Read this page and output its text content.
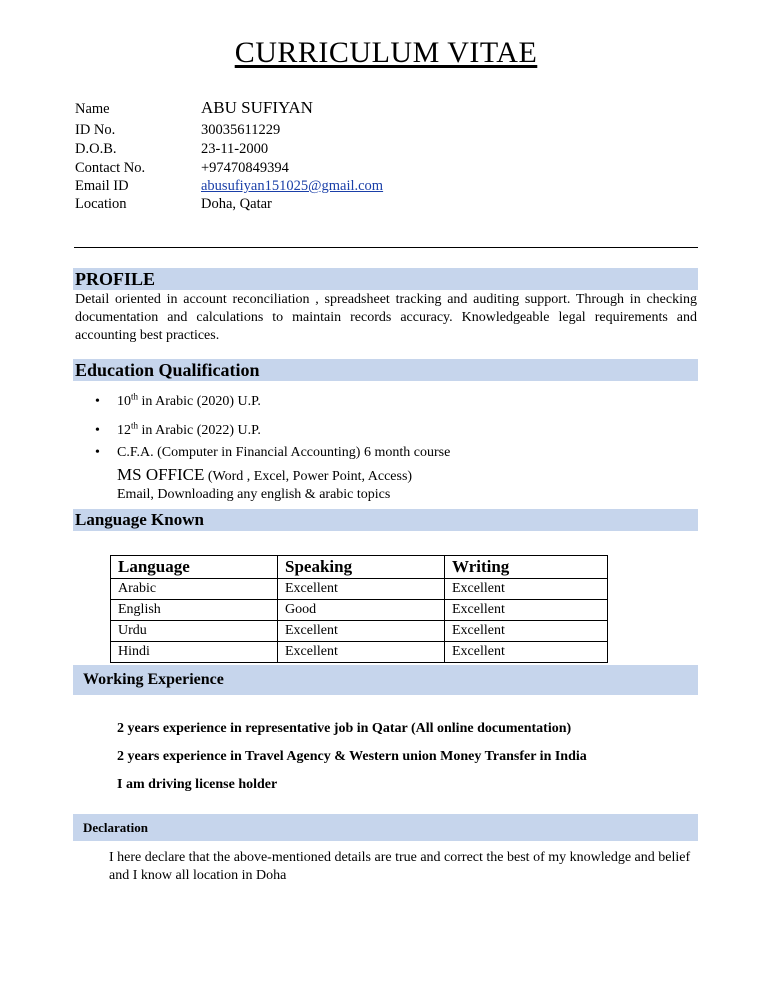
CURRICULUM VITAE
Name	ABU SUFIYAN
ID No.	30035611229
D.O.B.	23-11-2000
Contact No.	+97470849394
Email ID	abusufiyan151025@gmail.com
Location	Doha, Qatar
PROFILE
Detail oriented in account reconciliation , spreadsheet tracking and auditing support. Through in checking documentation and calculations to maintain records accuracy. Knowledgeable legal requirements and accounting best practices.
Education Qualification
• 10th in Arabic (2020) U.P.
• 12th in Arabic (2022) U.P.
• C.F.A. (Computer in Financial Accounting) 6 month course
MS OFFICE (Word , Excel, Power Point, Access)
Email, Downloading any english & arabic topics
Language Known
Language	Speaking	Writing
Arabic	Excellent	Excellent
English	Good	Excellent
Urdu	Excellent	Excellent
Hindi	Excellent	Excellent
Working Experience
2 years experience in representative job in Qatar (All online documentation)
2 years experience in Travel Agency & Western union Money Transfer in India
I am driving license holder
Declaration
I here declare that the above-mentioned details are true and correct the best of my knowledge and belief and I know all location in Doha
